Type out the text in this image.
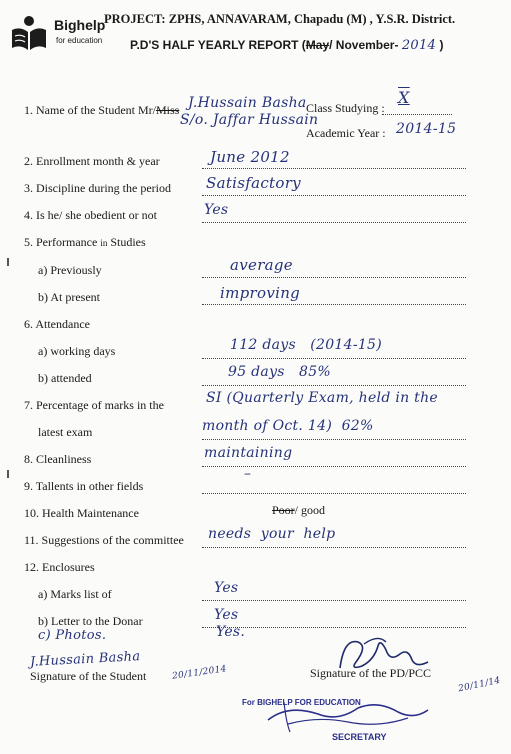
Bighelp
for education
PROJECT: ZPHS, ANNAVARAM, Chapadu (M) , Y.S.R. District.
P.D'S HALF YEARLY REPORT (May/ November- 2014 )
1. Name of the Student Mr/Miss J.Hussain Basha
S/o. Jaffar Hussain
Class Studying :
X
Academic Year : 2014-15
2. Enrollment month & year	June 2012
3. Discipline during the period Satisfactory
4. Is he/ she obedient or not	Yes
5. Performance in Studies
a) Previously	average
b) At present	improving
6. Attendance
a) working days	112 days   (2014-15)
b) attended	95 days   85%
7. Percentage of marks in the	SI (Quarterly Exam, held in the
latest exam	month of Oct. 14)  62%
8. Cleanliness	maintaining
9. Tallents in other fields
–
10. Health Maintenance	Poor/ good
11. Suggestions of the committee needs  your  help
12. Enclosures
a) Marks list of	Yes
b) Letter to the Donar	Yes
c) Photos.	Yes.
J.Hussain Basha
Signature of the Student	20/11/2014	Signature of the PD/PCC
20/11/14
For BIGHELP FOR EDUCATION
SECRETARY
